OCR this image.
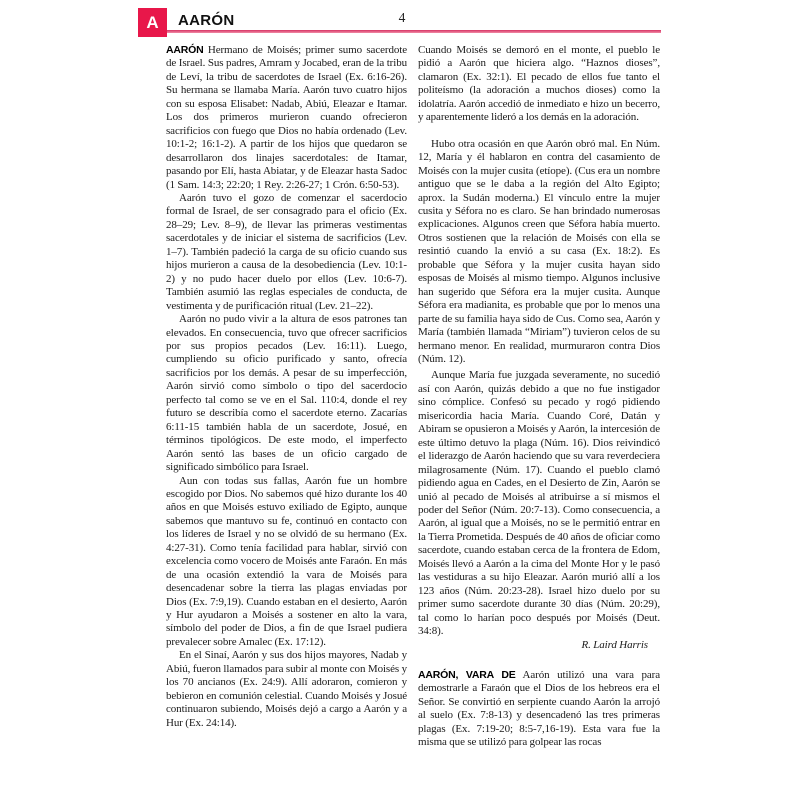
A	AARÓN	4

AARÓN Hermano de Moisés; primer sumo sacerdote de Israel. Sus padres, Amram y Jocabed, eran de la tribu de Leví, la tribu de sacerdotes de Israel (Ex. 6:16-26). Su hermana se llamaba María. Aarón tuvo cuatro hijos con su esposa Elisabet: Nadab, Abiú, Eleazar e Itamar. Los dos primeros murieron cuando ofrecieron sacrificios con fuego que Dios no había ordenado (Lev. 10:1-2; 16:1-2). A partir de los hijos que quedaron se desarrollaron dos linajes sacerdotales: de Itamar, pasando por Elí, hasta Abiatar, y de Eleazar hasta Sadoc (1 Sam. 14:3; 22:20; 1 Rey. 2:26-27; 1 Crón. 6:50-53).

Aarón tuvo el gozo de comenzar el sacerdocio formal de Israel, de ser consagrado para el oficio (Ex. 28–29; Lev. 8–9), de llevar las primeras vestimentas sacerdotales y de iniciar el sistema de sacrificios (Lev. 1–7). También padeció la carga de su oficio cuando sus hijos murieron a causa de la desobediencia (Lev. 10:1-2) y no pudo hacer duelo por ellos (Lev. 10:6-7). También asumió las reglas especiales de conducta, de vestimenta y de purificación ritual (Lev. 21–22).

Aarón no pudo vivir a la altura de esos patrones tan elevados. En consecuencia, tuvo que ofrecer sacrificios por sus propios pecados (Lev. 16:11). Luego, cumpliendo su oficio purificado y santo, ofrecía sacrificios por los demás. A pesar de su imperfección, Aarón sirvió como símbolo o tipo del sacerdocio perfecto tal como se ve en el Sal. 110:4, donde el rey futuro se describía como el sacerdote eterno. Zacarías 6:11-15 también habla de un sacerdote, Josué, en términos tipológicos. De este modo, el imperfecto Aarón sentó las bases de un oficio cargado de significado simbólico para Israel.

Aun con todas sus fallas, Aarón fue un hombre escogido por Dios. No sabemos qué hizo durante los 40 años en que Moisés estuvo exiliado de Egipto, aunque sabemos que mantuvo su fe, continuó en contacto con los líderes de Israel y no se olvidó de su hermano (Ex. 4:27-31). Como tenía facilidad para hablar, sirvió con excelencia como vocero de Moisés ante Faraón. En más de una ocasión extendió la vara de Moisés para desencadenar sobre la tierra las plagas enviadas por Dios (Ex. 7:9,19). Cuando estaban en el desierto, Aarón y Hur ayudaron a Moisés a sostener en alto la vara, símbolo del poder de Dios, a fin de que Israel pudiera prevalecer sobre Amalec (Ex. 17:12).

En el Sinaí, Aarón y sus dos hijos mayores, Nadab y Abiú, fueron llamados para subir al monte con Moisés y los 70 ancianos (Ex. 24:9). Allí adoraron, comieron y bebieron en comunión celestial. Cuando Moisés y Josué continuaron subiendo, Moisés dejó a cargo a Aarón y a Hur (Ex. 24:14).

Cuando Moisés se demoró en el monte, el pueblo le pidió a Aarón que hiciera algo. “Haznos dioses”, clamaron (Ex. 32:1). El pecado de ellos fue tanto el politeísmo (la adoración a muchos dioses) como la idolatría. Aarón accedió de inmediato e hizo un becerro, y aparentemente lideró a los demás en la adoración.

Hubo otra ocasión en que Aarón obró mal. En Núm. 12, María y él hablaron en contra del casamiento de Moisés con la mujer cusita (etíope). (Cus era un nombre antiguo que se le daba a la región del Alto Egipto; aprox. la Sudán moderna.) El vínculo entre la mujer cusita y Séfora no es claro. Se han brindado numerosas explicaciones. Algunos creen que Séfora había muerto. Otros sostienen que la relación de Moisés con ella se resintió cuando la envió a su casa (Ex. 18:2). Es probable que Séfora y la mujer cusita hayan sido esposas de Moisés al mismo tiempo. Algunos inclusive han sugerido que Séfora era la mujer cusita. Aunque Séfora era madianita, es probable que por lo menos una parte de su familia haya sido de Cus. Como sea, Aarón y María (también llamada “Miriam”) tuvieron celos de su hermano menor. En realidad, murmuraron contra Dios (Núm. 12).

Aunque María fue juzgada severamente, no sucedió así con Aarón, quizás debido a que no fue instigador sino cómplice. Confesó su pecado y rogó pidiendo misericordia hacia María. Cuando Coré, Datán y Abiram se opusieron a Moisés y Aarón, la intercesión de este último detuvo la plaga (Núm. 16). Dios reivindicó el liderazgo de Aarón haciendo que su vara reverdeciera milagrosamente (Núm. 17). Cuando el pueblo clamó pidiendo agua en Cades, en el Desierto de Zin, Aarón se unió al pecado de Moisés al atribuirse a sí mismos el poder del Señor (Núm. 20:7-13). Como consecuencia, a Aarón, al igual que a Moisés, no se le permitió entrar en la Tierra Prometida. Después de 40 años de oficiar como sacerdote, cuando estaban cerca de la frontera de Edom, Moisés llevó a Aarón a la cima del Monte Hor y le pasó las vestiduras a su hijo Eleazar. Aarón murió allí a los 123 años (Núm. 20:23-28). Israel hizo duelo por su primer sumo sacerdote durante 30 días (Núm. 20:29), tal como lo harían poco después por Moisés (Deut. 34:8).

R. Laird Harris

AARÓN, VARA DE Aarón utilizó una vara para demostrarle a Faraón que el Dios de los hebreos era el Señor. Se convirtió en serpiente cuando Aarón la arrojó al suelo (Ex. 7:8-13) y desencadenó las tres primeras plagas (Ex. 7:19-20; 8:5-7,16-19). Esta vara fue la misma que se utilizó para golpear las rocas
